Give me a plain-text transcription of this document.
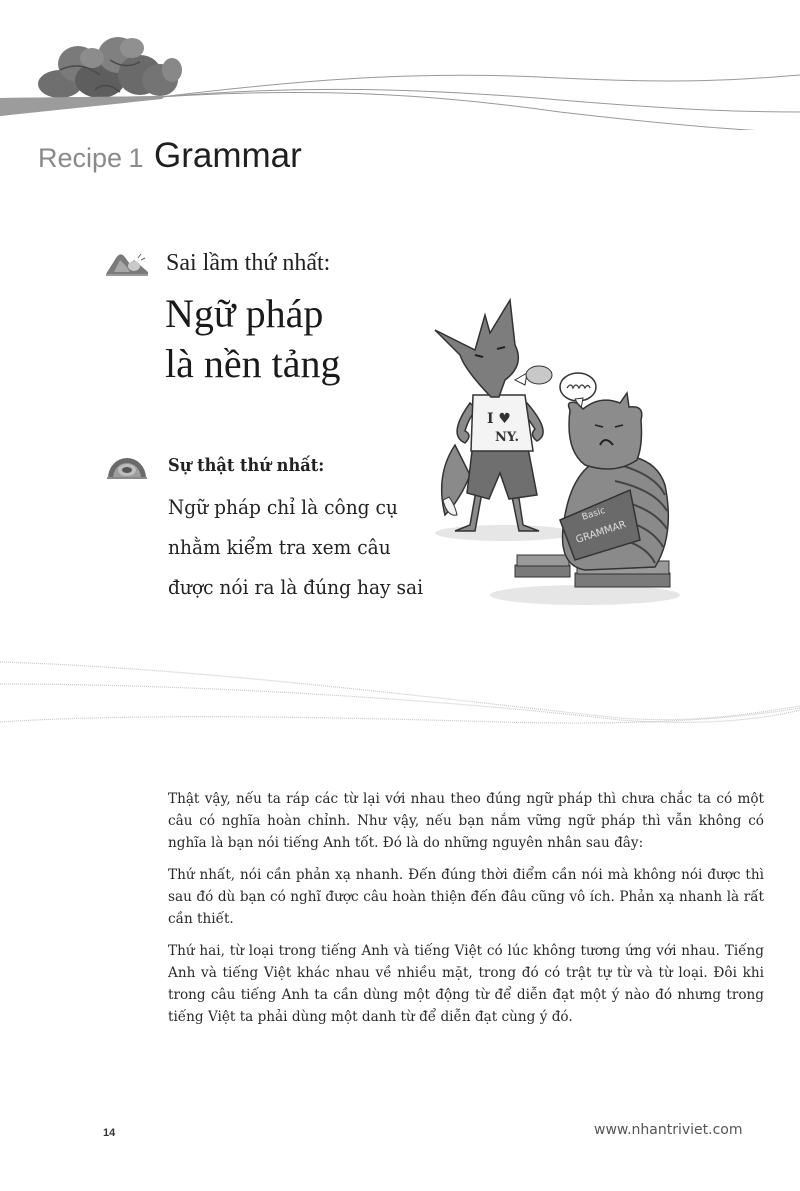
Recipe 1 Grammar
Sai lầm thứ nhất:
Ngữ pháp
là nền tảng
Sự thật thứ nhất:
Ngữ pháp chỉ là công cụ
nhằm kiểm tra xem câu
được nói ra là đúng hay sai
I ♥
NY.
Basic
GRAMMAR

Thật vậy, nếu ta ráp các từ lại với nhau theo đúng ngữ pháp thì chưa chắc ta có một câu có nghĩa hoàn chỉnh. Như vậy, nếu bạn nắm vững ngữ pháp thì vẫn không có nghĩa là bạn nói tiếng Anh tốt. Đó là do những nguyên nhân sau đây:

Thứ nhất, nói cần phản xạ nhanh. Đến đúng thời điểm cần nói mà không nói được thì sau đó dù bạn có nghĩ được câu hoàn thiện đến đâu cũng vô ích. Phản xạ nhanh là rất cần thiết.

Thứ hai, từ loại trong tiếng Anh và tiếng Việt có lúc không tương ứng với nhau. Tiếng Anh và tiếng Việt khác nhau về nhiều mặt, trong đó có trật tự từ và từ loại. Đôi khi trong câu tiếng Anh ta cần dùng một động từ để diễn đạt một ý nào đó nhưng trong tiếng Việt ta phải dùng một danh từ để diễn đạt cùng ý đó.

14	www.nhantriviet.com
